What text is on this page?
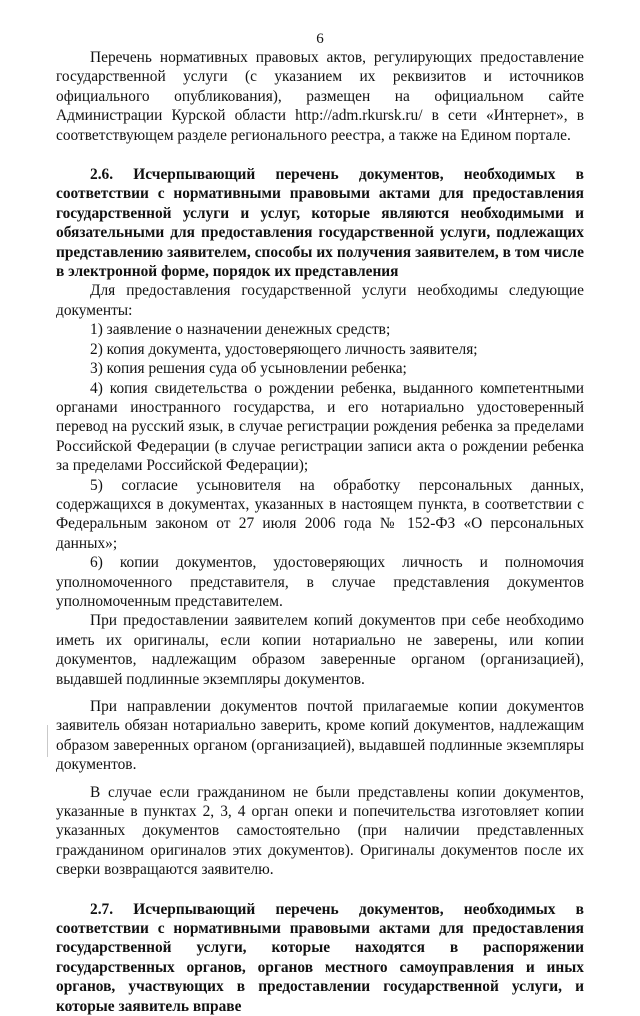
6

Перечень нормативных правовых актов, регулирующих предоставление государственной услуги (с указанием их реквизитов и источников официального опубликования), размещен на официальном сайте Администрации Курской области http://adm.rkursk.ru/ в сети «Интернет», в соответствующем разделе регионального реестра, а также на Едином портале.

2.6. Исчерпывающий перечень документов, необходимых в соответствии с нормативными правовыми актами для предоставления государственной услуги и услуг, которые являются необходимыми и обязательными для предоставления государственной услуги, подлежащих представлению заявителем, способы их получения заявителем, в том числе в электронной форме, порядок их представления

Для предоставления государственной услуги необходимы следующие документы:

1) заявление о назначении денежных средств;

2) копия документа, удостоверяющего личность заявителя;

3) копия решения суда об усыновлении ребенка;

4) копия свидетельства о рождении ребенка, выданного компетентными органами иностранного государства, и его нотариально удостоверенный перевод на русский язык, в случае регистрации рождения ребенка за пределами Российской Федерации (в случае регистрации записи акта о рождении ребенка за пределами Российской Федерации);

5) согласие усыновителя на обработку персональных данных, содержащихся в документах, указанных в настоящем пункта, в соответствии с Федеральным законом от 27 июля 2006 года № 152-ФЗ «О персональных данных»;

6) копии документов, удостоверяющих личность и полномочия уполномоченного представителя, в случае представления документов уполномоченным представителем.

При предоставлении заявителем копий документов при себе необходимо иметь их оригиналы, если копии нотариально не заверены, или копии документов, надлежащим образом заверенные органом (организацией), выдавшей подлинные экземпляры документов.

При направлении документов почтой прилагаемые копии документов заявитель обязан нотариально заверить, кроме копий документов, надлежащим образом заверенных органом (организацией), выдавшей подлинные экземпляры документов.

В случае если гражданином не были представлены копии документов, указанные в пунктах 2, 3, 4 орган опеки и попечительства изготовляет копии указанных документов самостоятельно (при наличии представленных гражданином оригиналов этих документов). Оригиналы документов после их сверки возвращаются заявителю.

2.7. Исчерпывающий перечень документов, необходимых в соответствии с нормативными правовыми актами для предоставления государственной услуги, которые находятся в распоряжении государственных органов, органов местного самоуправления и иных органов, участвующих в предоставлении государственной услуги, и которые заявитель вправе
